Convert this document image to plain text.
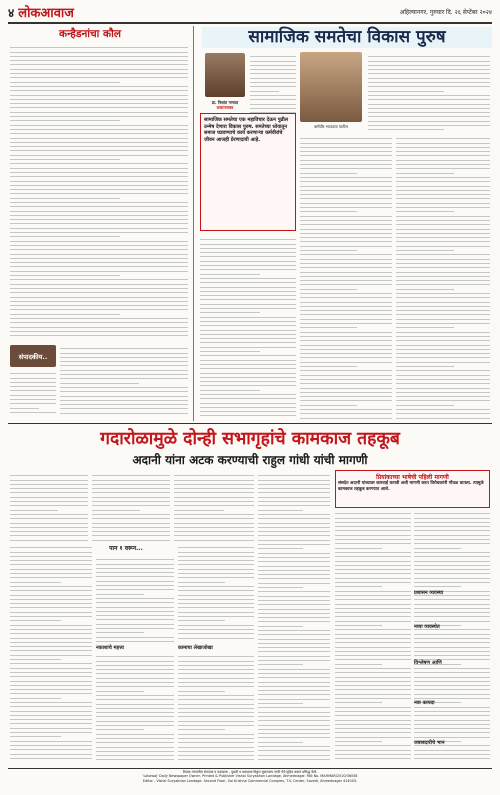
४ लोकआवाज	अहिल्यानगर, गुरुवार दि. २६ सेप्टेंबर २०२४
कन्हैडनांचा कौल
संपादकीय..
सामाजिक समतेचा विकास पुरुष
प्रा. निशांत गणपत
कारागणकर
कर्मवीर भाऊराव पाटील
सामाजिक समतेचा एक महाविचार देऊन पुढील उन्मेष देणारा विकास पुरुष. समतेच्या ध्येयातून समाज घडवण्याचे कार्य करणाऱ्या कर्मवीरांचे जीवन आजही प्रेरणादायी आहे.
गदारोळामुळे दोन्ही सभागृहांचे कामकाज तहकूब
अदानी यांना अटक करण्याची राहुल गांधी यांची मागणी
प्रियांकाच्या भाषेची पहिली मागणी
संसदेत अदानी यांच्यावर कारवाई करावी अशी मागणी करत विरोधकांनी गोंधळ घातला. त्यामुळे कामकाज तहकूब करण्यात आले.
पान १ वरून...
नकाशाचे महत्त्व	कामाचा लेखाजोखा
प्रशासन व्यवस्था
नव्या व्यवस्थेत
विश्लेषण आणि
नवा कायदा
जबाबदारीचे भान
टिळक नगरातील संपादक व प्रकाशक - पुढारी व प्रकाशक विठ्ठल मुद्रणालय नगरी येथे मुद्रित करून प्रसिद्ध केले.
'Lokawaj' Daily Newspaper Owner, Printed & Publisher Vishal Suryabhan Landage, Ahmednagar. RNI No. MAHMAR/2010/36058
Editor - Vishal Suryabhan Landage. Second Floor, Sai Krishna Commercial Complex, T.V. Center, Savedi, Ahmednagar 414003.
